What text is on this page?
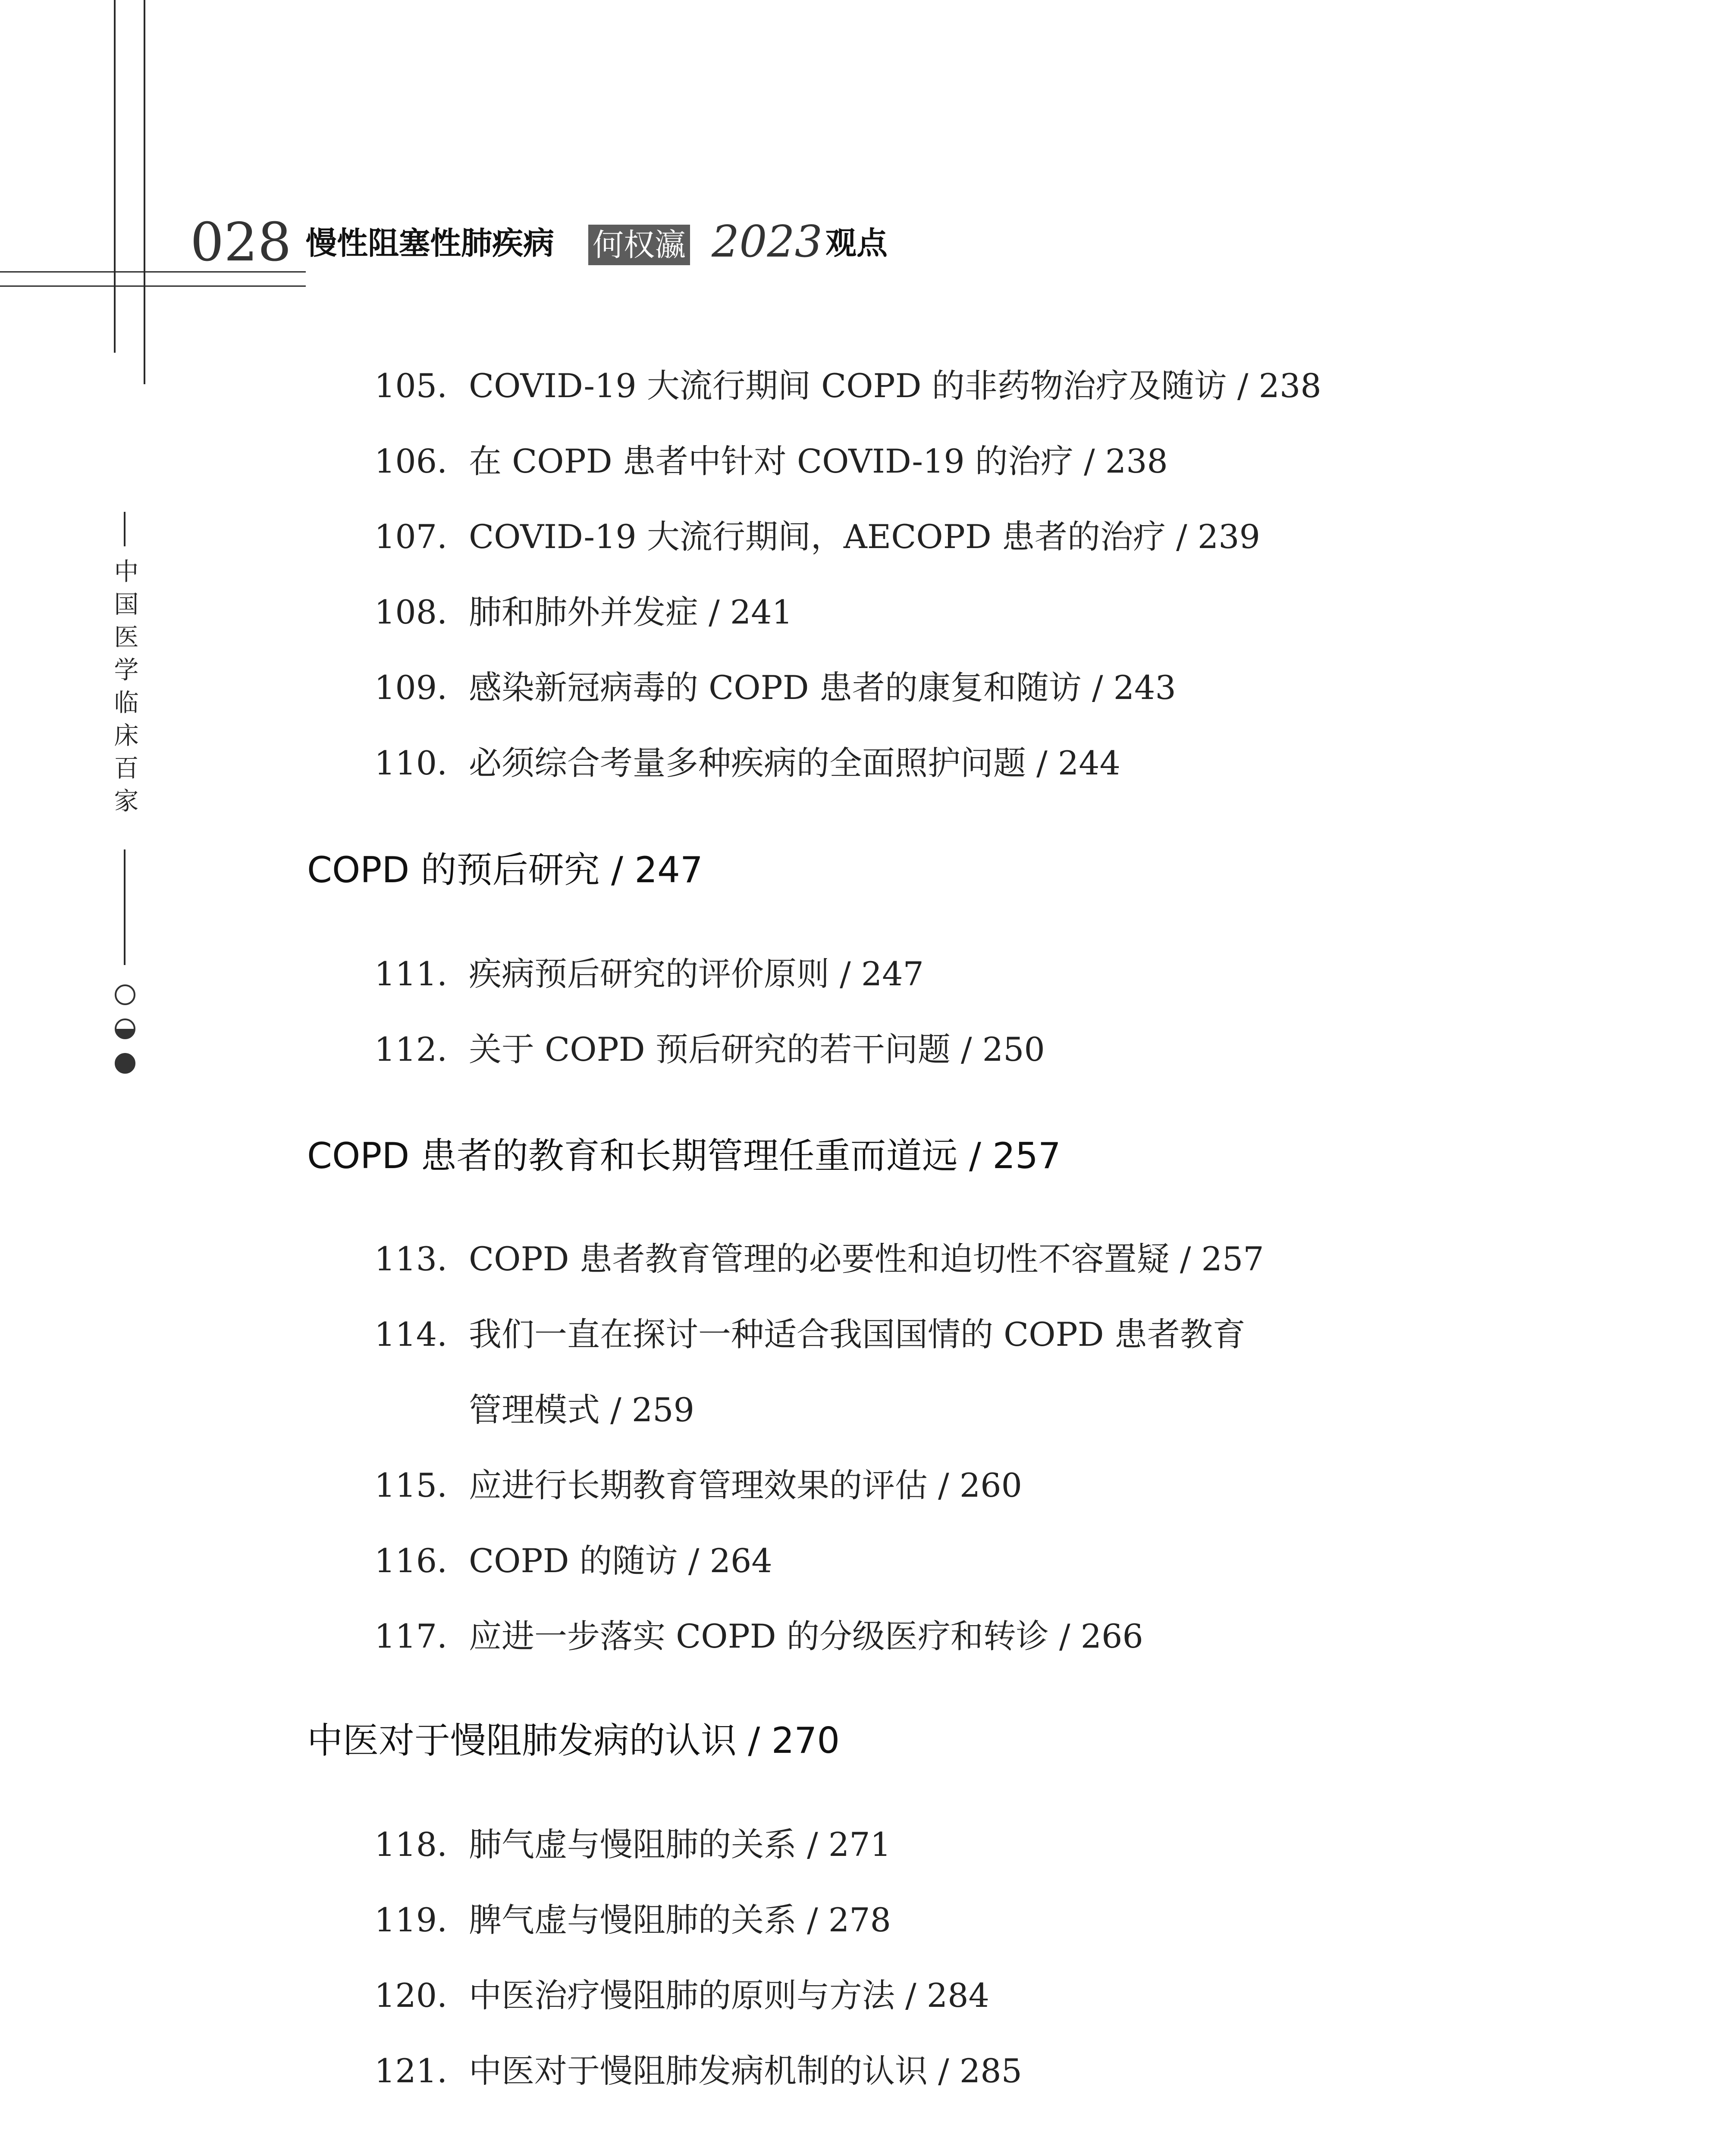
028 慢性阻塞性肺疾病 何权瀛 2023 观点
中国医学临床百家
105. COVID-19 大流行期间 COPD 的非药物治疗及随访 / 238
106. 在 COPD 患者中针对 COVID-19 的治疗 / 238
107. COVID-19 大流行期间，AECOPD 患者的治疗 / 239
108. 肺和肺外并发症 / 241
109. 感染新冠病毒的 COPD 患者的康复和随访 / 243
110. 必须综合考量多种疾病的全面照护问题 / 244
COPD 的预后研究 / 247
111. 疾病预后研究的评价原则 / 247
112. 关于 COPD 预后研究的若干问题 / 250
COPD 患者的教育和长期管理任重而道远 / 257
113. COPD 患者教育管理的必要性和迫切性不容置疑 / 257
114. 我们一直在探讨一种适合我国国情的 COPD 患者教育
管理模式 / 259
115. 应进行长期教育管理效果的评估 / 260
116. COPD 的随访 / 264
117. 应进一步落实 COPD 的分级医疗和转诊 / 266
中医对于慢阻肺发病的认识 / 270
118. 肺气虚与慢阻肺的关系 / 271
119. 脾气虚与慢阻肺的关系 / 278
120. 中医治疗慢阻肺的原则与方法 / 284
121. 中医对于慢阻肺发病机制的认识 / 285
